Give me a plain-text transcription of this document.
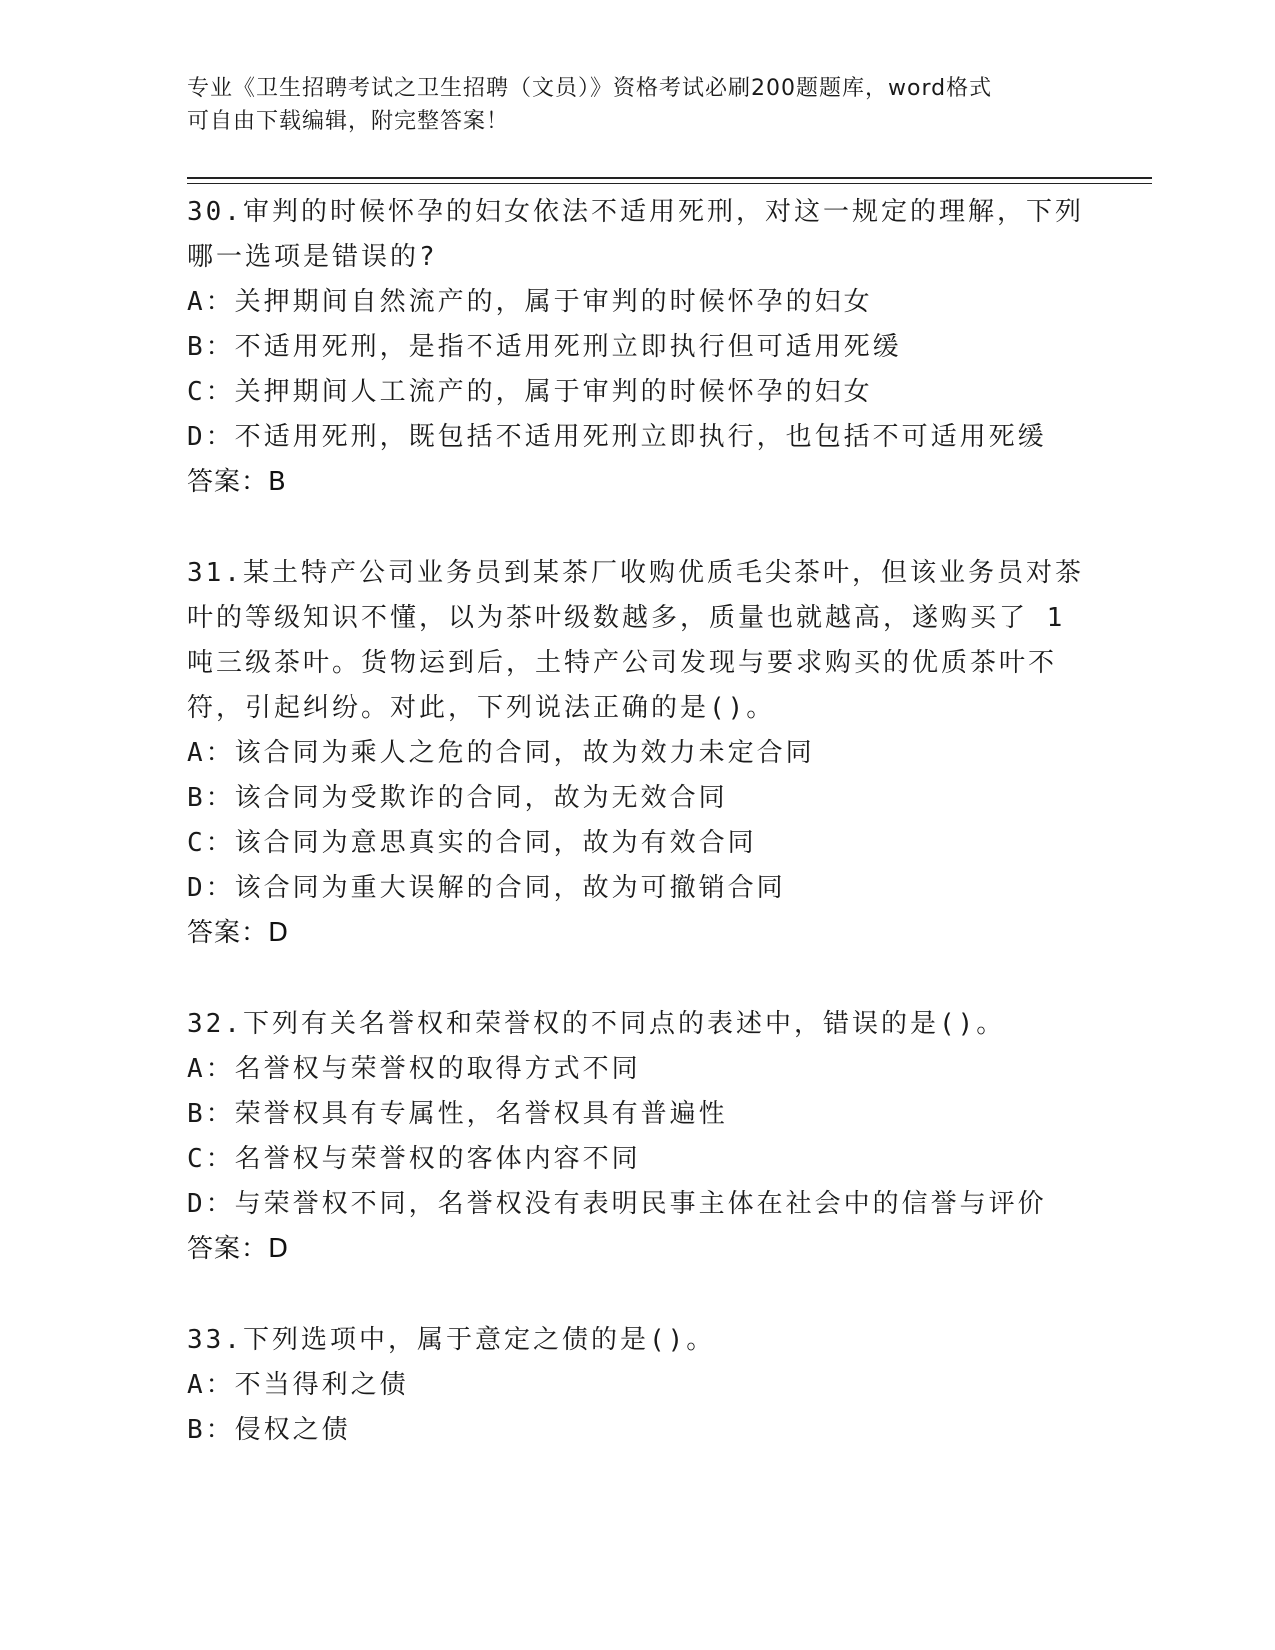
专业《卫生招聘考试之卫生招聘（文员）》资格考试必刷200题题库，word格式
可自由下载编辑，附完整答案！
30.审判的时候怀孕的妇女依法不适用死刑，对这一规定的理解，下列
哪一选项是错误的?
A：关押期间自然流产的，属于审判的时候怀孕的妇女
B：不适用死刑，是指不适用死刑立即执行但可适用死缓
C：关押期间人工流产的，属于审判的时候怀孕的妇女
D：不适用死刑，既包括不适用死刑立即执行，也包括不可适用死缓
答案：B
31.某土特产公司业务员到某茶厂收购优质毛尖茶叶，但该业务员对茶
叶的等级知识不懂，以为茶叶级数越多，质量也就越高，遂购买了 1
吨三级茶叶。货物运到后，土特产公司发现与要求购买的优质茶叶不
符，引起纠纷。对此，下列说法正确的是()。
A：该合同为乘人之危的合同，故为效力未定合同
B：该合同为受欺诈的合同，故为无效合同
C：该合同为意思真实的合同，故为有效合同
D：该合同为重大误解的合同，故为可撤销合同
答案：D
32.下列有关名誉权和荣誉权的不同点的表述中，错误的是()。
A：名誉权与荣誉权的取得方式不同
B：荣誉权具有专属性，名誉权具有普遍性
C：名誉权与荣誉权的客体内容不同
D：与荣誉权不同，名誉权没有表明民事主体在社会中的信誉与评价
答案：D
33.下列选项中，属于意定之债的是()。
A：不当得利之债
B：侵权之债
